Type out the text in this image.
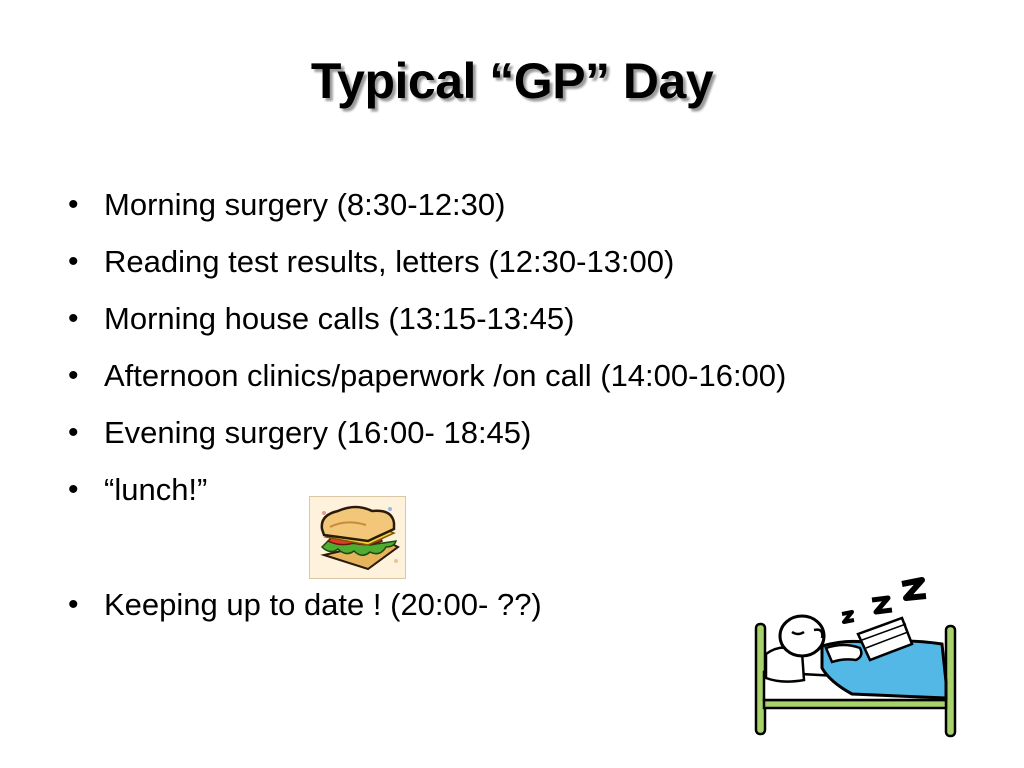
Typical “GP” Day
• Morning surgery (8:30-12:30)
• Reading test results, letters (12:30-13:00)
• Morning house calls (13:15-13:45)
• Afternoon clinics/paperwork /on call (14:00-16:00)
• Evening surgery (16:00- 18:45)
• “lunch!”
• Keeping up to date ! (20:00- ??)
